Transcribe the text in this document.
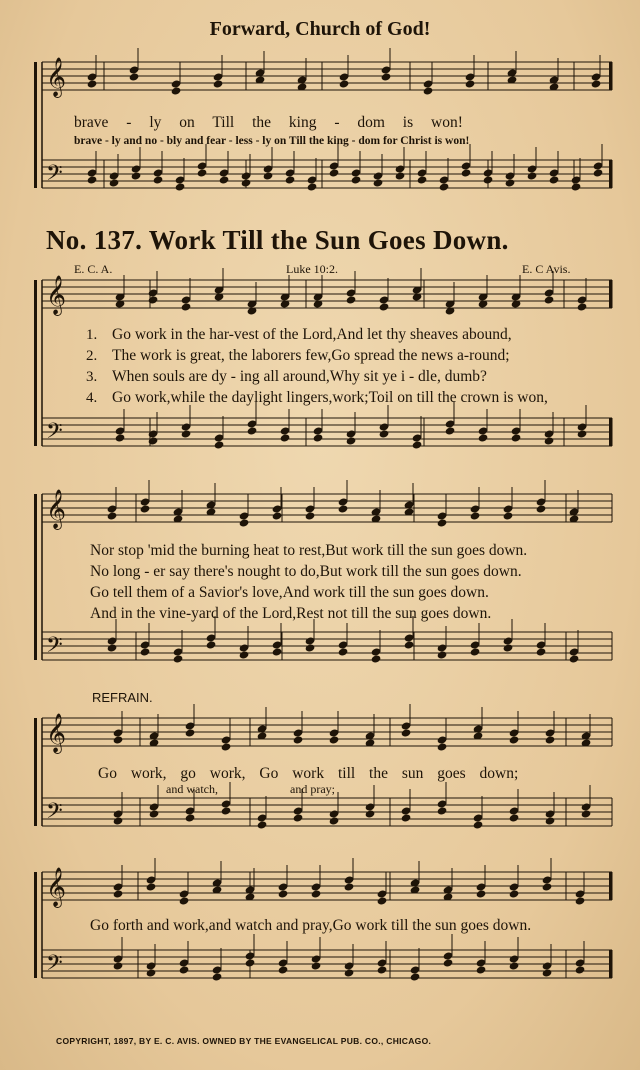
𝄞
𝄢
𝄞
𝄢
𝄞
𝄢
𝄞
𝄢
𝄞
𝄢
Forward, Church of God!
brave - ly on Till the king - dom is won!
brave - ly and no - bly and fear - less - ly on Till the king - dom for Christ is won!
No. 137. Work Till the Sun Goes Down.
E. C. A.	Luke 10:2.	E. C Avis.
1. Go work in the har-vest of the Lord,And let thy sheaves abound,
2. The work is great, the laborers few,Go spread the news a-round;
3. When souls are dy - ing all around,Why sit ye i - dle, dumb?
4. Go work,while the daylight lingers,work;Toil on till the crown is won,
Nor stop 'mid the burning heat to rest,But work till the sun goes down.
No long - er say there's nought to do,But work till the sun goes down.
Go tell them of a Savior's love,And work till the sun goes down.
And in the vine-yard of the Lord,Rest not till the sun goes down.
REFRAIN.
Go work, go work, Go work till the sun goes down;
and watch,	and pray;
Go forth and work,and watch and pray,Go work till the sun goes down.
COPYRIGHT, 1897, BY E. C. AVIS. OWNED BY THE EVANGELICAL PUB. CO., CHICAGO.
